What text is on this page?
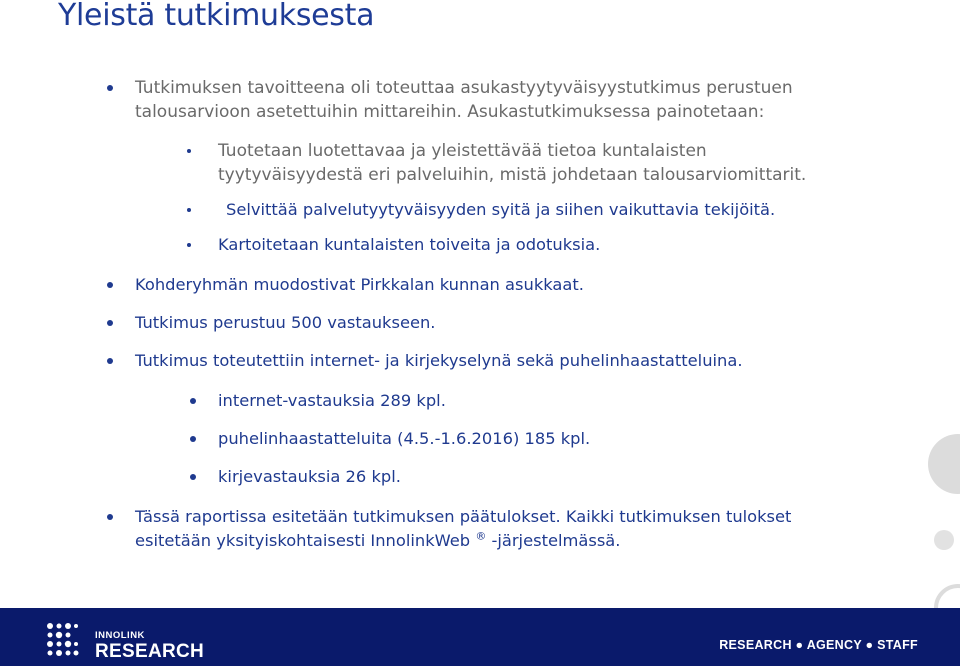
Yleistä tutkimuksesta
Tutkimuksen tavoitteena oli toteuttaa asukastyytyväisyystutkimus perustuen
talousarvioon asetettuihin mittareihin. Asukastutkimuksessa painotetaan:
Tuotetaan luotettavaa ja yleistettävää tietoa kuntalaisten
tyytyväisyydestä eri palveluihin, mistä johdetaan talousarviomittarit.
Selvittää palvelutyytyväisyyden syitä ja siihen vaikuttavia tekijöitä.
Kartoitetaan kuntalaisten toiveita ja odotuksia.
Kohderyhmän muodostivat Pirkkalan kunnan asukkaat.
Tutkimus perustuu 500 vastaukseen.
Tutkimus toteutettiin internet- ja kirjekyselynä sekä puhelinhaastatteluina.
internet-vastauksia 289 kpl.
puhelinhaastatteluita (4.5.-1.6.2016) 185 kpl.
kirjevastauksia 26 kpl.
Tässä raportissa esitetään tutkimuksen päätulokset. Kaikki tutkimuksen tulokset
esitetään yksityiskohtaisesti InnolinkWeb ® -järjestelmässä.
INNOLINK
RESEARCH	RESEARCH ● AGENCY ● STAFF
